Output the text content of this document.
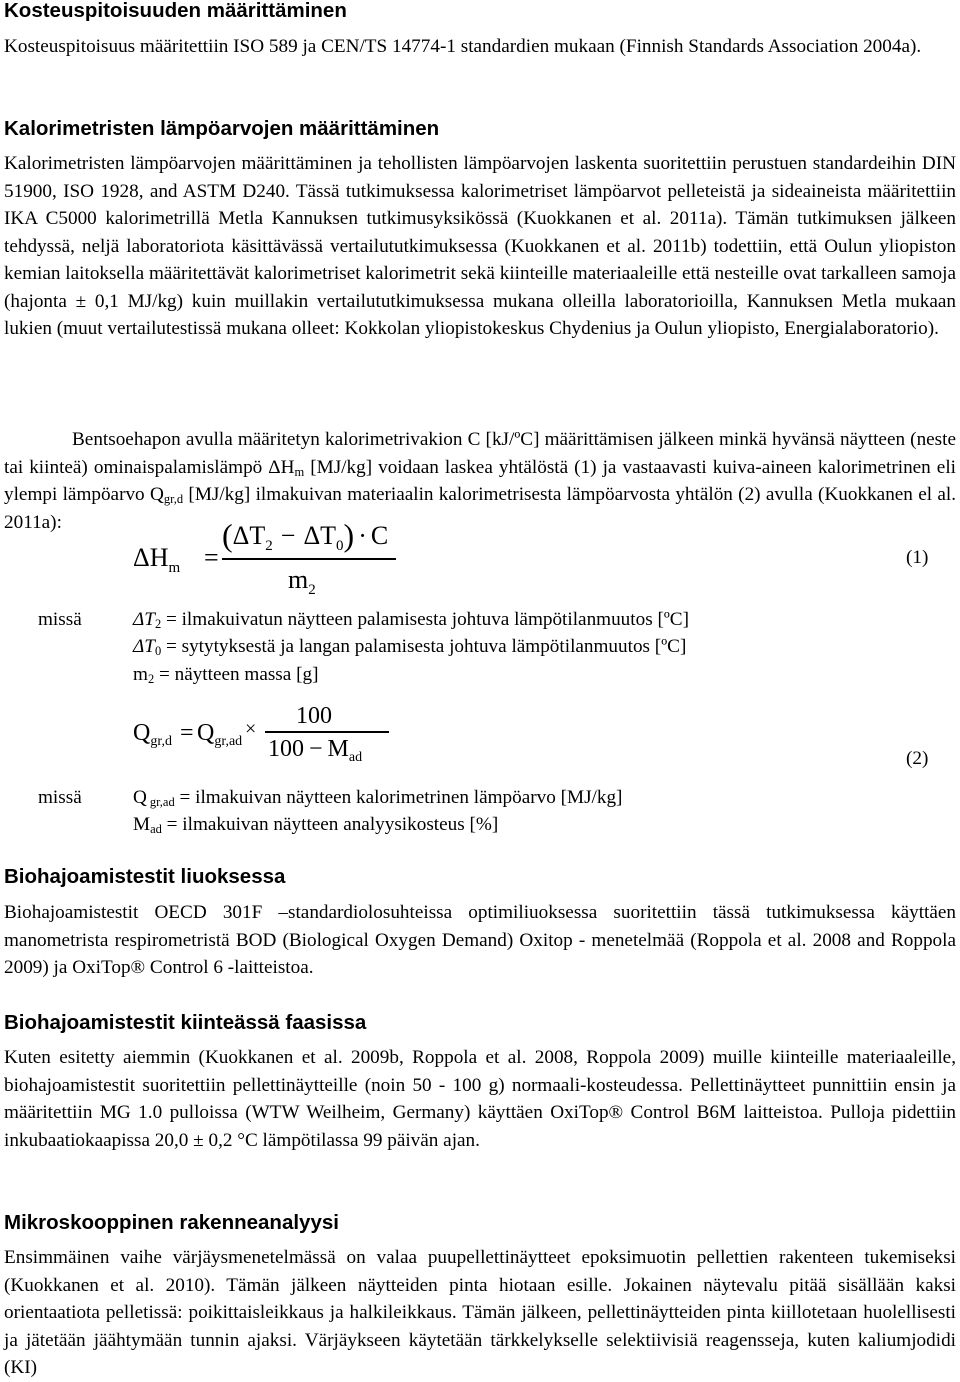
Kosteuspitoisuuden määrittäminen

Kosteuspitoisuus määritettiin ISO 589 ja CEN/TS 14774-1 standardien mukaan (Finnish Standards Association 2004a).

Kalorimetristen lämpöarvojen määrittäminen

Kalorimetristen lämpöarvojen määrittäminen ja tehollisten lämpöarvojen laskenta suoritettiin perustuen standardeihin DIN 51900, ISO 1928, and ASTM D240. Tässä tutkimuksessa kalorimetriset lämpöarvot pelleteistä ja sideaineista määritettiin IKA C5000 kalorimetrillä Metla Kannuksen tutkimusyksikössä (Kuokkanen et al. 2011a). Tämän tutkimuksen jälkeen tehdyssä, neljä laboratoriota käsittävässä vertailututkimuksessa (Kuokkanen et al. 2011b) todettiin, että Oulun yliopiston kemian laitoksella määritettävät kalorimetriset kalorimetrit sekä kiinteille materiaaleille että nesteille ovat tarkalleen samoja (hajonta ± 0,1 MJ/kg) kuin muillakin vertailututkimuksessa mukana olleilla laboratorioilla, Kannuksen Metla mukaan lukien (muut vertailutestissä mukana olleet: Kokkolan yliopistokeskus Chydenius ja Oulun yliopisto, Energialaboratorio).

Bentsoehapon avulla määritetyn kalorimetrivakion C [kJ/ºC] määrittämisen jälkeen minkä hyvänsä näytteen (neste tai kiinteä) ominaispalamislämpö $\Delta H_m$ [MJ/kg] voidaan laskea yhtälöstä (1) ja vastaavasti kuiva-aineen kalorimetrinen eli ylempi lämpöarvo $Q_{gr,d}$ [MJ/kg] ilmakuivan materiaalin kalorimetrisesta lämpöarvosta yhtälön (2) avulla (Kuokkanen el al. 2011a):

$\Delta H_m$ =
$(\Delta T_2 - \Delta T_0) \cdot C$
$m_2$
(1)
missä	$\Delta T_2$ = ilmakuivatun näytteen palamisesta johtuva lämpötilanmuutos [ºC]
$\Delta T_0$ = sytytyksestä ja langan palamisesta johtuva lämpötilanmuutos [ºC]
$m_2$ = näytteen massa [g]
$Q_{gr,d} = Q_{gr,ad}$
× 100
$100 - M_{ad}$	(2)
missä	Q $_{gr,ad}$ = ilmakuivan näytteen kalorimetrinen lämpöarvo [MJ/kg]
$M_{ad}$ = ilmakuivan näytteen analyysikosteus [%]
Biohajoamistestit liuoksessa

Biohajoamistestit OECD 301F –standardiolosuhteissa optimiliuoksessa suoritettiin tässä tutkimuksessa käyttäen manometrista respirometristä BOD (Biological Oxygen Demand) Oxitop - menetelmää (Roppola et al. 2008 and Roppola 2009) ja OxiTop® Control 6 -laitteistoa.

Biohajoamistestit kiinteässä faasissa

Kuten esitetty aiemmin (Kuokkanen et al. 2009b, Roppola et al. 2008, Roppola 2009) muille kiinteille materiaaleille, biohajoamistestit suoritettiin pellettinäytteille (noin 50 - 100 g) normaali-kosteudessa. Pellettinäytteet punnittiin ensin ja määritettiin MG 1.0 pulloissa (WTW Weilheim, Germany) käyttäen OxiTop® Control B6M laitteistoa. Pulloja pidettiin inkubaatiokaapissa 20,0 ± 0,2 °C lämpötilassa 99 päivän ajan.

Mikroskooppinen rakenneanalyysi

Ensimmäinen vaihe värjäysmenetelmässä on valaa puupellettinäytteet epoksimuotin pellettien rakenteen tukemiseksi (Kuokkanen et al. 2010). Tämän jälkeen näytteiden pinta hiotaan esille. Jokainen näytevalu pitää sisällään kaksi orientaatiota pelletissä: poikittaisleikkaus ja halkileikkaus. Tämän jälkeen, pellettinäytteiden pinta kiillotetaan huolellisesti ja jätetään jäähtymään tunnin ajaksi. Värjäykseen käytetään tärkkelykselle selektiivisiä reagensseja, kuten kaliumjodidi (KI)
